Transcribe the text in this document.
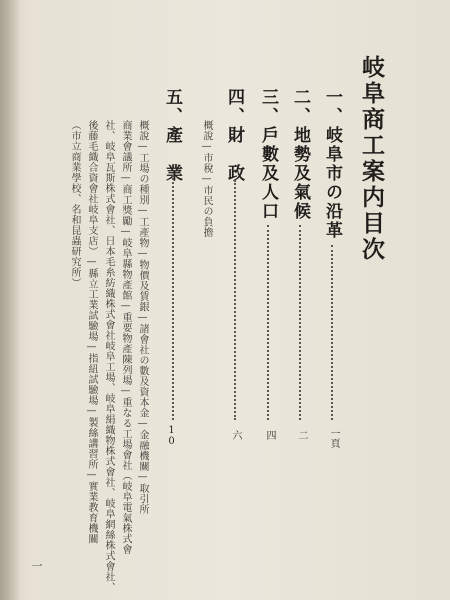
岐阜商工案内目次
一、岐阜市の沿革
一頁
二、地勢及氣候
二
三、戶數及人口
四
四、財　政
概說—市稅—市民の負擔
六
五、產　業
10
概說—工場の種別—工產物—物價及賃銀—諸會社の數及資本金—金融機關—取引所
商業會議所—商工獎勵—岐阜縣物產館—重要物產陳列場—重なる工場會社（岐阜電氣株式會
社、岐阜瓦斯株式會社、日本毛糸紡織株式會社岐阜工場、岐阜絹織物株式會社、岐阜網絲株式會社、
後藤毛織合資會社岐阜支店）—縣立工業試驗場—指紐試驗場—製絲講習所—實業教育機關
（市立商業學校、名和昆蟲研究所）
一
